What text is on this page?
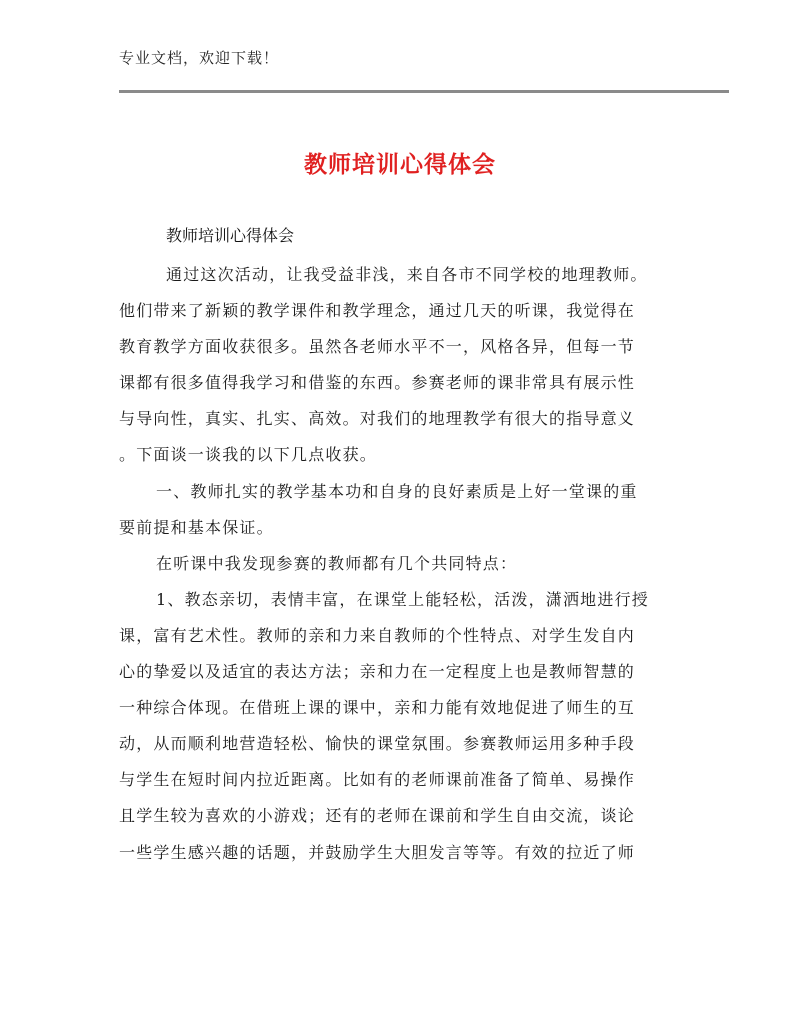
专业文档，欢迎下载！
教师培训心得体会
教师培训心得体会
通过这次活动，让我受益非浅，来自各市不同学校的地理教师。
他们带来了新颖的教学课件和教学理念，通过几天的听课，我觉得在
教育教学方面收获很多。虽然各老师水平不一，风格各异，但每一节
课都有很多值得我学习和借鉴的东西。参赛老师的课非常具有展示性
与导向性，真实、扎实、高效。对我们的地理教学有很大的指导意义
。下面谈一谈我的以下几点收获。
一、教师扎实的教学基本功和自身的良好素质是上好一堂课的重
要前提和基本保证。
在听课中我发现参赛的教师都有几个共同特点：
1、教态亲切，表情丰富，在课堂上能轻松，活泼，潇洒地进行授
课，富有艺术性。教师的亲和力来自教师的个性特点、对学生发自内
心的挚爱以及适宜的表达方法；亲和力在一定程度上也是教师智慧的
一种综合体现。在借班上课的课中，亲和力能有效地促进了师生的互
动，从而顺利地营造轻松、愉快的课堂氛围。参赛教师运用多种手段
与学生在短时间内拉近距离。比如有的老师课前准备了简单、易操作
且学生较为喜欢的小游戏；还有的老师在课前和学生自由交流，谈论
一些学生感兴趣的话题，并鼓励学生大胆发言等等。有效的拉近了师
